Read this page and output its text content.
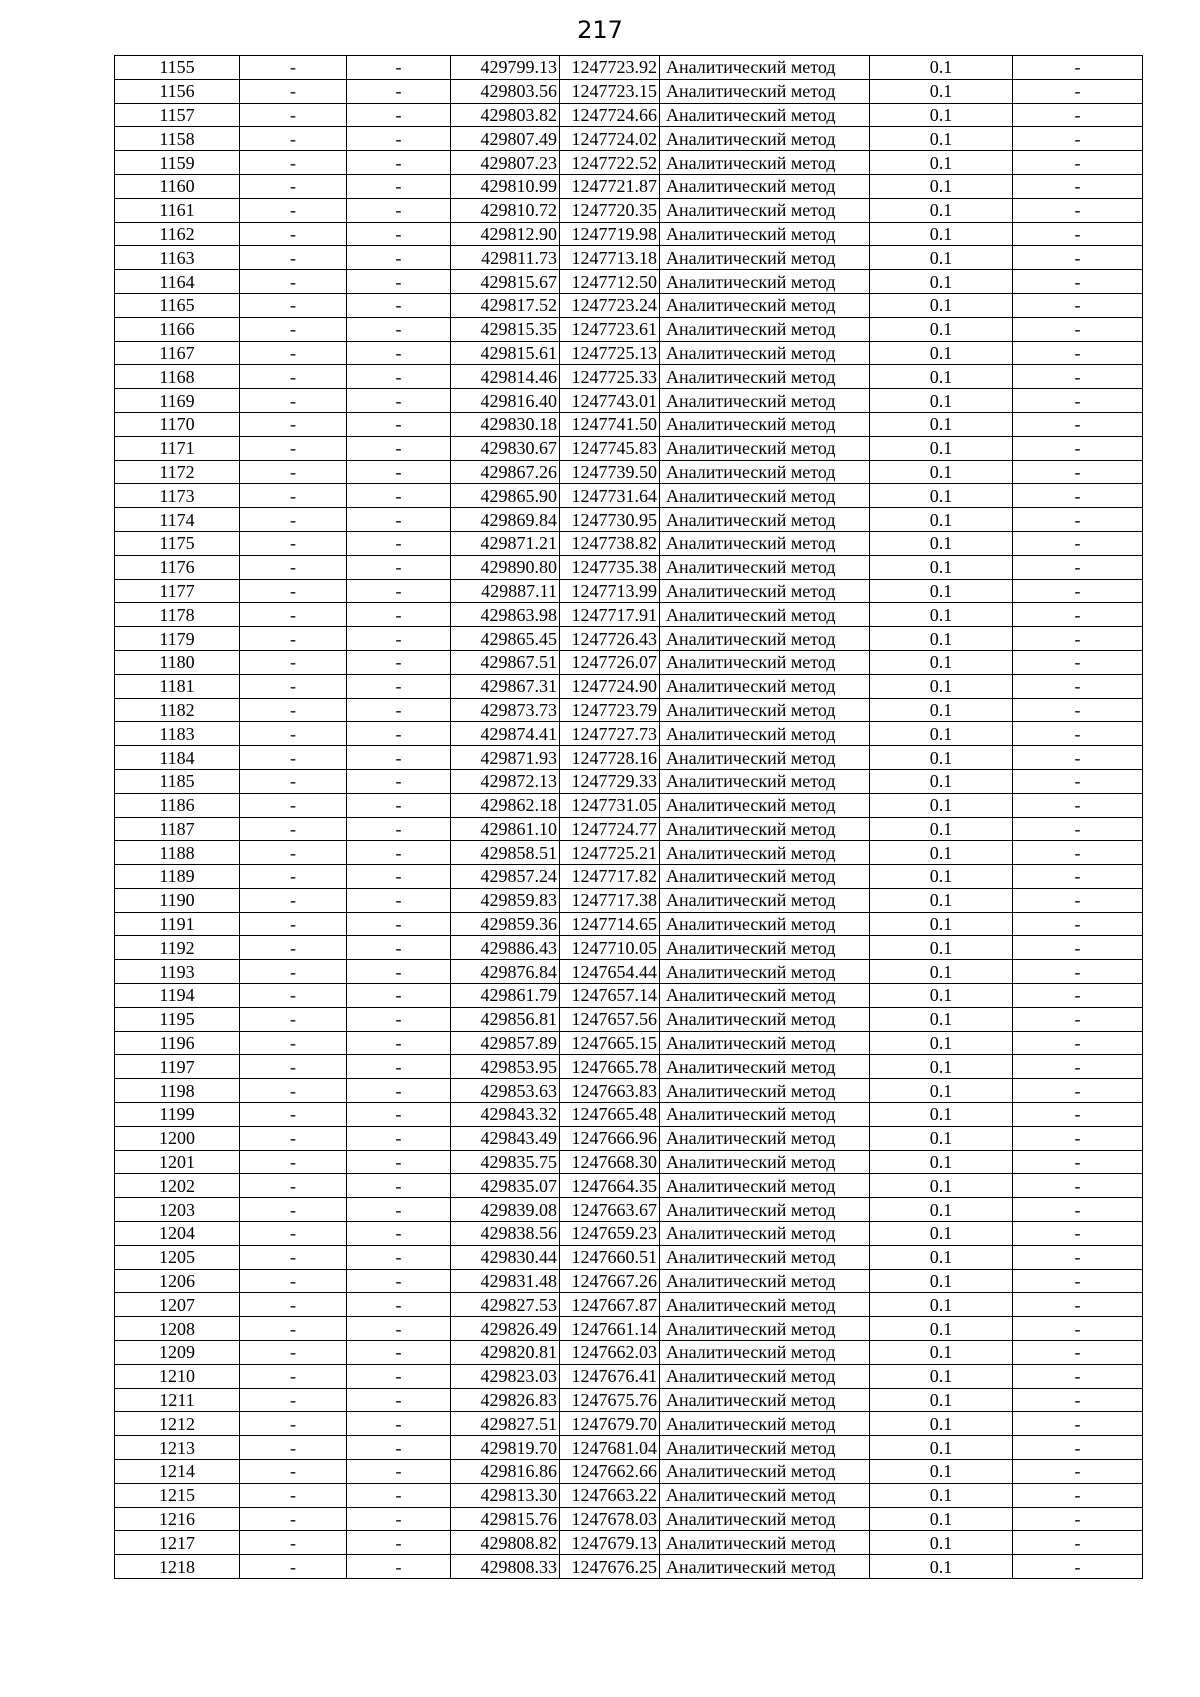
217
1155	-	-	429799.13	1247723.92	Аналитический метод	0.1	-
1156	-	-	429803.56	1247723.15	Аналитический метод	0.1	-
1157	-	-	429803.82	1247724.66	Аналитический метод	0.1	-
1158	-	-	429807.49	1247724.02	Аналитический метод	0.1	-
1159	-	-	429807.23	1247722.52	Аналитический метод	0.1	-
1160	-	-	429810.99	1247721.87	Аналитический метод	0.1	-
1161	-	-	429810.72	1247720.35	Аналитический метод	0.1	-
1162	-	-	429812.90	1247719.98	Аналитический метод	0.1	-
1163	-	-	429811.73	1247713.18	Аналитический метод	0.1	-
1164	-	-	429815.67	1247712.50	Аналитический метод	0.1	-
1165	-	-	429817.52	1247723.24	Аналитический метод	0.1	-
1166	-	-	429815.35	1247723.61	Аналитический метод	0.1	-
1167	-	-	429815.61	1247725.13	Аналитический метод	0.1	-
1168	-	-	429814.46	1247725.33	Аналитический метод	0.1	-
1169	-	-	429816.40	1247743.01	Аналитический метод	0.1	-
1170	-	-	429830.18	1247741.50	Аналитический метод	0.1	-
1171	-	-	429830.67	1247745.83	Аналитический метод	0.1	-
1172	-	-	429867.26	1247739.50	Аналитический метод	0.1	-
1173	-	-	429865.90	1247731.64	Аналитический метод	0.1	-
1174	-	-	429869.84	1247730.95	Аналитический метод	0.1	-
1175	-	-	429871.21	1247738.82	Аналитический метод	0.1	-
1176	-	-	429890.80	1247735.38	Аналитический метод	0.1	-
1177	-	-	429887.11	1247713.99	Аналитический метод	0.1	-
1178	-	-	429863.98	1247717.91	Аналитический метод	0.1	-
1179	-	-	429865.45	1247726.43	Аналитический метод	0.1	-
1180	-	-	429867.51	1247726.07	Аналитический метод	0.1	-
1181	-	-	429867.31	1247724.90	Аналитический метод	0.1	-
1182	-	-	429873.73	1247723.79	Аналитический метод	0.1	-
1183	-	-	429874.41	1247727.73	Аналитический метод	0.1	-
1184	-	-	429871.93	1247728.16	Аналитический метод	0.1	-
1185	-	-	429872.13	1247729.33	Аналитический метод	0.1	-
1186	-	-	429862.18	1247731.05	Аналитический метод	0.1	-
1187	-	-	429861.10	1247724.77	Аналитический метод	0.1	-
1188	-	-	429858.51	1247725.21	Аналитический метод	0.1	-
1189	-	-	429857.24	1247717.82	Аналитический метод	0.1	-
1190	-	-	429859.83	1247717.38	Аналитический метод	0.1	-
1191	-	-	429859.36	1247714.65	Аналитический метод	0.1	-
1192	-	-	429886.43	1247710.05	Аналитический метод	0.1	-
1193	-	-	429876.84	1247654.44	Аналитический метод	0.1	-
1194	-	-	429861.79	1247657.14	Аналитический метод	0.1	-
1195	-	-	429856.81	1247657.56	Аналитический метод	0.1	-
1196	-	-	429857.89	1247665.15	Аналитический метод	0.1	-
1197	-	-	429853.95	1247665.78	Аналитический метод	0.1	-
1198	-	-	429853.63	1247663.83	Аналитический метод	0.1	-
1199	-	-	429843.32	1247665.48	Аналитический метод	0.1	-
1200	-	-	429843.49	1247666.96	Аналитический метод	0.1	-
1201	-	-	429835.75	1247668.30	Аналитический метод	0.1	-
1202	-	-	429835.07	1247664.35	Аналитический метод	0.1	-
1203	-	-	429839.08	1247663.67	Аналитический метод	0.1	-
1204	-	-	429838.56	1247659.23	Аналитический метод	0.1	-
1205	-	-	429830.44	1247660.51	Аналитический метод	0.1	-
1206	-	-	429831.48	1247667.26	Аналитический метод	0.1	-
1207	-	-	429827.53	1247667.87	Аналитический метод	0.1	-
1208	-	-	429826.49	1247661.14	Аналитический метод	0.1	-
1209	-	-	429820.81	1247662.03	Аналитический метод	0.1	-
1210	-	-	429823.03	1247676.41	Аналитический метод	0.1	-
1211	-	-	429826.83	1247675.76	Аналитический метод	0.1	-
1212	-	-	429827.51	1247679.70	Аналитический метод	0.1	-
1213	-	-	429819.70	1247681.04	Аналитический метод	0.1	-
1214	-	-	429816.86	1247662.66	Аналитический метод	0.1	-
1215	-	-	429813.30	1247663.22	Аналитический метод	0.1	-
1216	-	-	429815.76	1247678.03	Аналитический метод	0.1	-
1217	-	-	429808.82	1247679.13	Аналитический метод	0.1	-
1218	-	-	429808.33	1247676.25	Аналитический метод	0.1	-
